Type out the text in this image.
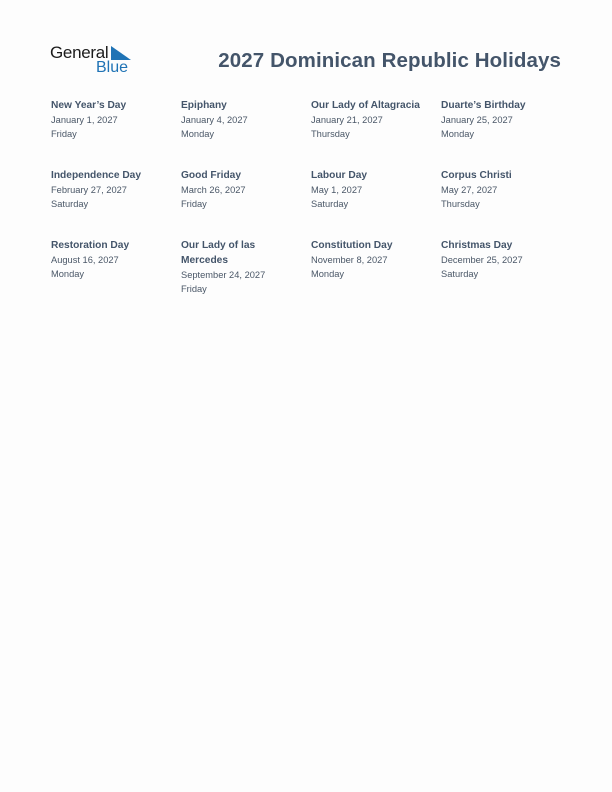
General
Blue	2027 Dominican Republic Holidays
New Year’s Day
January 1, 2027
Friday
Epiphany
January 4, 2027
Monday
Our Lady of Altagracia
January 21, 2027
Thursday
Duarte’s Birthday
January 25, 2027
Monday
Independence Day
February 27, 2027
Saturday
Good Friday
March 26, 2027
Friday
Labour Day
May 1, 2027
Saturday
Corpus Christi
May 27, 2027
Thursday
Restoration Day
August 16, 2027
Monday
Our Lady of las Mercedes
September 24, 2027
Friday
Constitution Day
November 8, 2027
Monday
Christmas Day
December 25, 2027
Saturday
